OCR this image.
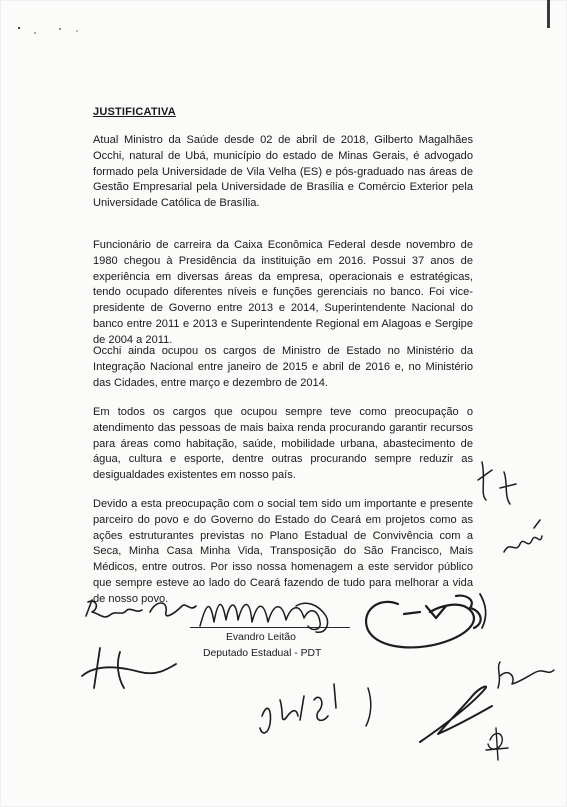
JUSTIFICATIVA

Atual Ministro da Saúde desde 02 de abril de 2018, Gilberto Magalhães Occhi, natural de Ubá, município do estado de Minas Gerais, é advogado formado pela Universidade de Vila Velha (ES) e pós-graduado nas áreas de Gestão Empresarial pela Universidade de Brasília e Comércio Exterior pela Universidade Católica de Brasília.

Funcionário de carreira da Caixa Econômica Federal desde novembro de 1980 chegou à Presidência da instituição em 2016. Possui 37 anos de experiência em diversas áreas da empresa, operacionais e estratégicas, tendo ocupado diferentes níveis e funções gerenciais no banco. Foi vice-presidente de Governo entre 2013 e 2014, Superintendente Nacional do banco entre 2011 e 2013 e Superintendente Regional em Alagoas e Sergipe de 2004 a 2011.

Occhi ainda ocupou os cargos de Ministro de Estado no Ministério da Integração Nacional entre janeiro de 2015 e abril de 2016 e, no Ministério das Cidades, entre março e dezembro de 2014.

Em todos os cargos que ocupou sempre teve como preocupação o atendimento das pessoas de mais baixa renda procurando garantir recursos para áreas como habitação, saúde, mobilidade urbana, abastecimento de água, cultura e esporte, dentre outras procurando sempre reduzir as desigualdades existentes em nosso país.

Devido a esta preocupação com o social tem sido um importante e presente parceiro do povo e do Governo do Estado do Ceará em projetos como as ações estruturantes previstas no Plano Estadual de Convivência com a Seca, Minha Casa Minha Vida, Transposição do São Francisco, Mais Médicos, entre outros. Por isso nossa homenagem a este servidor público que sempre esteve ao lado do Ceará fazendo de tudo para melhorar a vida de nosso povo.

Evandro Leitão
Deputado Estadual - PDT
